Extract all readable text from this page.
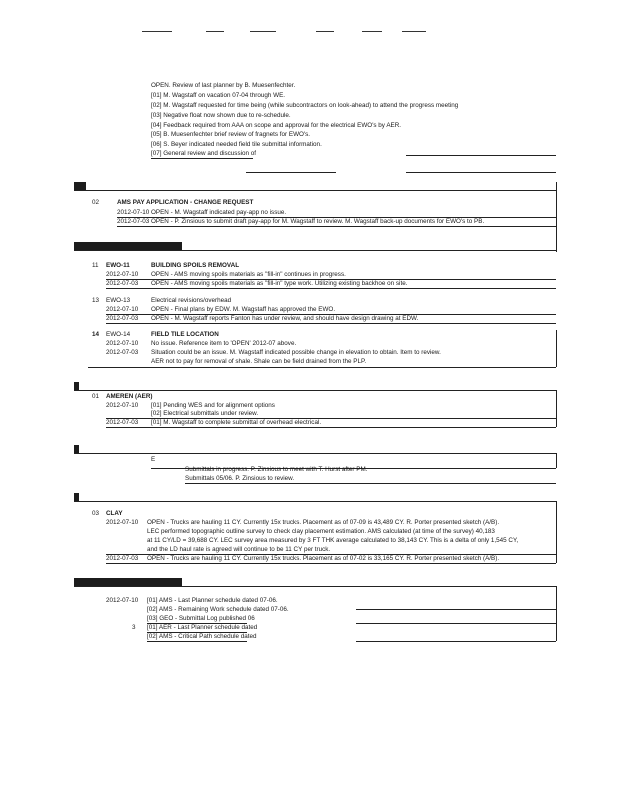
OPEN. Review of last planner by B. Muesenfechter.
[01] M. Wagstaff on vacation 07-04 through WE.
[02] M. Wagstaff requested for time being (while subcontractors on look-ahead) to attend the progress meeting
[03] Negative float now shown due to re-schedule.
[04] Feedback required from AAA on scope and approval for the electrical EWO's by AER.
[05] B. Muesenfechter brief review of fragnets for EWO's.
[06] S. Beyer indicated needed field tile submittal information.
[07] General review and discussion of
12
02	AMS PAY APPLICATION - CHANGE REQUEST
2012-07-10 OPEN - M. Wagstaff indicated pay-app no issue.
2012-07-03 OPEN - P. Zinsious to submit draft pay-app for M. Wagstaff to review. M. Wagstaff back-up documents for EWO's to PB.
12.1	EXTRA WORK ORDERS
11 EWO-11	BUILDING SPOILS REMOVAL
2012-07-10 OPEN - AMS moving spoils materials as "fill-in" continues in progress.
2012-07-03 OPEN - AMS moving spoils materials as "fill-in" type work. Utilizing existing backhoe on site.
13 EWO-13	Electrical revisions/overhead
2012-07-10 OPEN - Final plans by EDW. M. Wagstaff has approved the EWO.
2012-07-03 OPEN - M. Wagstaff reports Fanton has under review, and should have design drawing at EDW.
14 EWO-14	FIELD TILE LOCATION
2012-07-10 No issue. Reference item to 'OPEN' 2012-07 above.
2012-07-03 Situation could be an issue. M. Wagstaff indicated possible change in elevation to obtain. Item to review.
AER not to pay for removal of shale. Shale can be field drained from the PLP.
1 01 AMEREN (AER)
2012-07-10 [01] Pending WES and for alignment options
[02] Electrical submittals under review.
2012-07-03 [01] M. Wagstaff to complete submittal of overhead electrical.
1	E
Submittals in progress. P. Zinsious to meet with T. Hurst after PM.
Submittals 05/06. P. Zinsious to review.
1
03 CLAY
2012-07-10 OPEN - Trucks are hauling 11 CY. Currently 15x trucks. Placement as of 07-09 is 43,489 CY. R. Porter presented sketch (A/B).
LEC performed topographic outline survey to check clay placement estimation. AMS calculated (at time of the survey) 40,183
at 11 CY/LD = 39,688 CY. LEC survey area measured by 3 FT THK average calculated to 38,143 CY. This is a delta of only 1,545 CY,
and the LD haul rate is agreed will continue to be 11 CY per truck.
2012-07-03 OPEN - Trucks are hauling 11 CY. Currently 15x trucks. Placement as of 07-02 is 33,165 CY. R. Porter presented sketch (A/B).
16	DOCUMENTS TRANSMITTED
2012-07-10 [01] AMS - Last Planner schedule dated 07-06.
[02] AMS - Remaining Work schedule dated 07-06.
[03] GEO - Submittal Log published 06
3 [01] AER - Last Planner schedule dated
[02] AMS - Critical Path schedule dated
